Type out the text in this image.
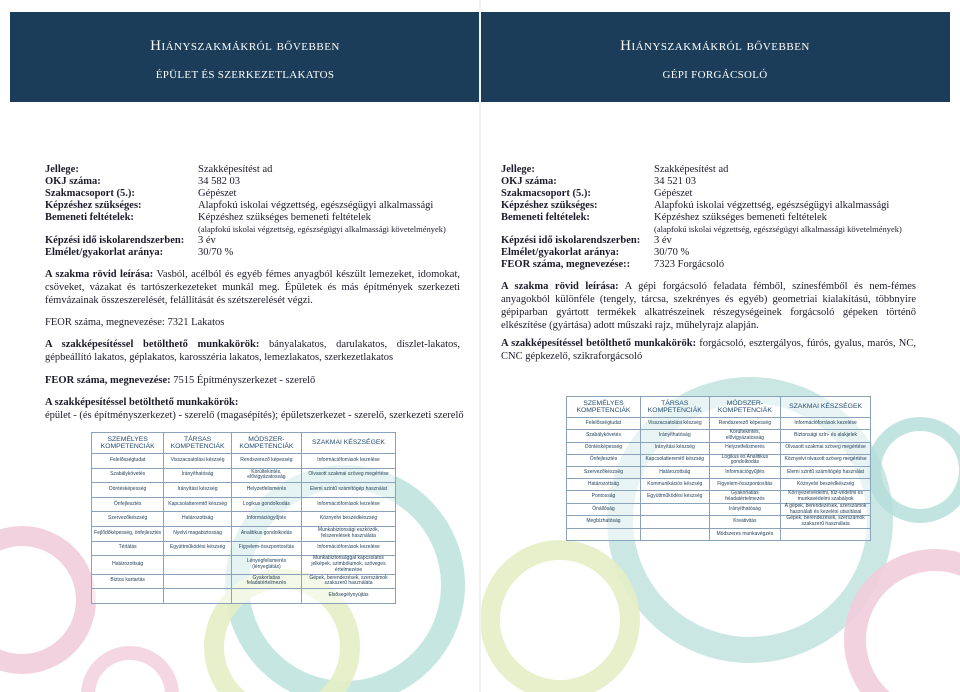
Hiányszakmákról bővebben
ÉPÜLET ÉS SZERKEZETLAKATOS
Jellege:	Szakképesítést ad
OKJ száma:	34 582 03
Szakmacsoport (5.):	Gépészet
Képzéshez szükséges:	Alapfokú iskolai végzettség, egészségügyi alkalmassági
Bemeneti feltételek:	Képzéshez szükséges bemeneti feltételek
(alapfokú iskolai végzettség, egészségügyi alkalmassági követelmények)
Képzési idő iskolarendszerben:	3 év
Elmélet/gyakorlat aránya:	30/70 %
A szakma rövid leírása: Vasból, acélból és egyéb fémes anyagból készült lemezeket, idomokat, csöveket, vázakat és tartószerkezeteket munkál meg. Épületek és más építmények szerkezeti fémvázainak összeszerelését, felállítását és szétszerelését végzi.
FEOR száma, megnevezése: 7321 Lakatos
A szakképesítéssel betölthető munkakörök: bányalakatos, darulakatos, díszlet-lakatos, gépbeállító lakatos, géplakatos, karosszéria lakatos, lemezlakatos, szerkezetlakatos
FEOR száma, megnevezése: 7515 Építményszerkezet - szerelő
A szakképesítéssel betölthető munkakörök:
épület - (és építményszerkezet) - szerelő (magasépítés); épületszerkezet - szerelő, szerkezeti szerelő
SZEMÉLYES KOMPETENCIÁK	TÁRSAS KOMPETENCIÁK	MÓDSZER-KOMPETENCIÁK	SZAKMAI KÉSZSÉGEK
Felelősségtudat	Visszacsatolási készség	Rendszerező képesség	Információforrások kezelése
Szabálykövetés	Irányíthatóság	Körültekintés, elővigyázatosság	Olvasott szakmai szöveg megértése
Döntésképesség	Irányítási készség	Helyzetfelismerés	Elemi szintű számítógép használat
Önfejlesztés	Kapcsolatteremtő készség	Logikus gondolkodás	Információforrások kezelése
Szervezőkészség	Határozottság	Információgyűjtés	Köznyelvi beszédkészség
Fejlődőképesség, önfejlesztés	Nyelvi magabiztosság	Analitikus gondolkodás	Munkabiztonsági eszközök, felszerelések használata
Térlátás	Együttműködési készség	Figyelem-összpontosítás	Információforrások kezelése
Határozottság		Lényegfelismerés (lényeglátás)	Munkabiztonsággal kapcsolatos jelképek, szimbólumok, szöveges értelmezése
Biztos kartartás		Gyakorlatias feladatértelmezés	Gépek, berendezések, szerszámok szakszerű használata
			Elsősegélynyújtás
Hiányszakmákról bővebben
GÉPI FORGÁCSOLÓ
Jellege:	Szakképesítést ad
OKJ száma:	34 521 03
Szakmacsoport (5.):	Gépészet
Képzéshez szükséges:	Alapfokú iskolai végzettség, egészségügyi alkalmassági
Bemeneti feltételek:	Képzéshez szükséges bemeneti feltételek
(alapfokú iskolai végzettség, egészségügyi alkalmassági követelmények)
Képzési idő iskolarendszerben:	3 év
Elmélet/gyakorlat aránya:	30/70 %
FEOR száma, megnevezése::	7323 Forgácsoló
A szakma rövid leírása: A gépi forgácsoló feladata fémből, színesfémből és nem-fémes anyagokból különféle (tengely, tárcsa, szekrényes és egyéb) geometriai kialakítású, többnyire gépiparban gyártott termékek alkatrészeinek részegységeinek forgácsoló gépeken történő elkészítése (gyártása) adott műszaki rajz, műhelyrajz alapján.
A szakképesítéssel betölthető munkakörök: forgácsoló, esztergályos, fúrós, gyalus, marós, NC, CNC gépkezelő, szikraforgácsoló
SZEMÉLYES KOMPETENCIÁK	TÁRSAS KOMPETENCIÁK	MÓDSZER-KOMPETENCIÁK	SZAKMAI KÉSZSÉGEK
Felelősségtudat	Visszacsatolási készség	Rendszerező képesség	Információforrások kezelése
Szabálykövetés	Irányíthatóság	Körültekintés, elővigyázatosság	Biztonsági szín- és alakjelek
Döntésképesség	Irányítási készség	Helyzetfelismerés	Olvasott szakmai szöveg megértése
Önfejlesztés	Kapcsolatteremtő készség	Logikus és Analitikus gondolkodás	Köznyelvi olvasott szöveg megértése
Szervezőkészség	Határozottság	Információgyűjtés	Elemi szintű számítógép használat
Határozottság	Kommunikációs készség	Figyelem-összpontosítás	Köznyelvi beszédkészség
Pontosság	Együttműködési készség	Gyakorlatias feladatértelmezés	Környezetvédelmi, tűz-védelmi és munkavédelmi szabályok
Önállóság		Irányíthatóság	A gépek, berendezések, szerszámok használati és kezelési utasításai
Megbízhatóság		Kreativitás	Gépek, berendezések, szerszámok szakszerű használata
		Módszeres munkavégzés	
